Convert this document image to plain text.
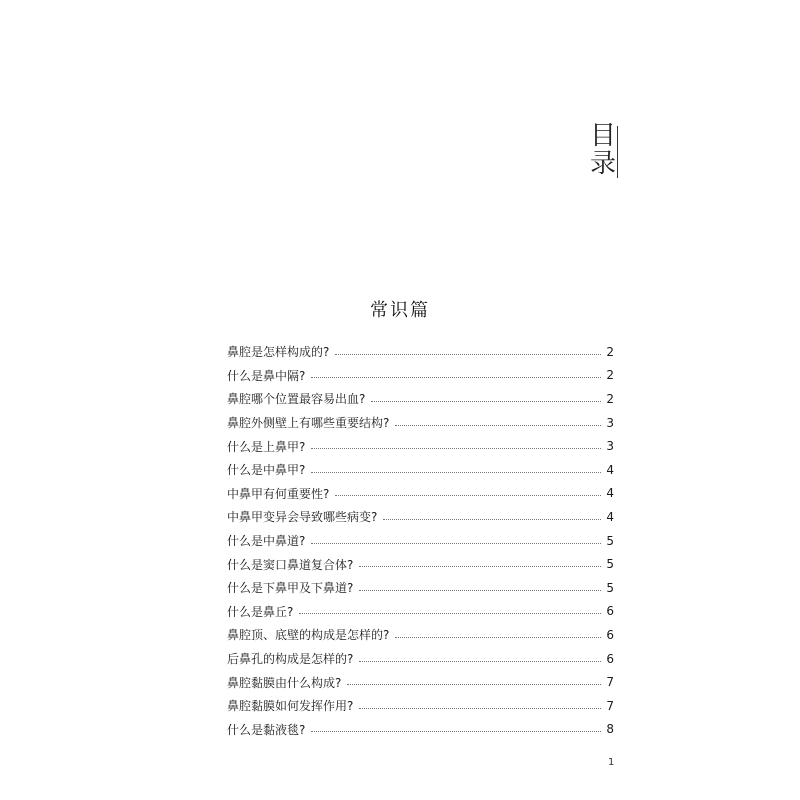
目
录
常识篇
鼻腔是怎样构成的?	2
什么是鼻中隔?	2
鼻腔哪个位置最容易出血?	2
鼻腔外侧壁上有哪些重要结构?	3
什么是上鼻甲?	3
什么是中鼻甲?	4
中鼻甲有何重要性?	4
中鼻甲变异会导致哪些病变?	4
什么是中鼻道?	5
什么是窦口鼻道复合体?	5
什么是下鼻甲及下鼻道?	5
什么是鼻丘?	6
鼻腔顶、底壁的构成是怎样的?	6
后鼻孔的构成是怎样的?	6
鼻腔黏膜由什么构成?	7
鼻腔黏膜如何发挥作用?	7
什么是黏液毯?	8
1
